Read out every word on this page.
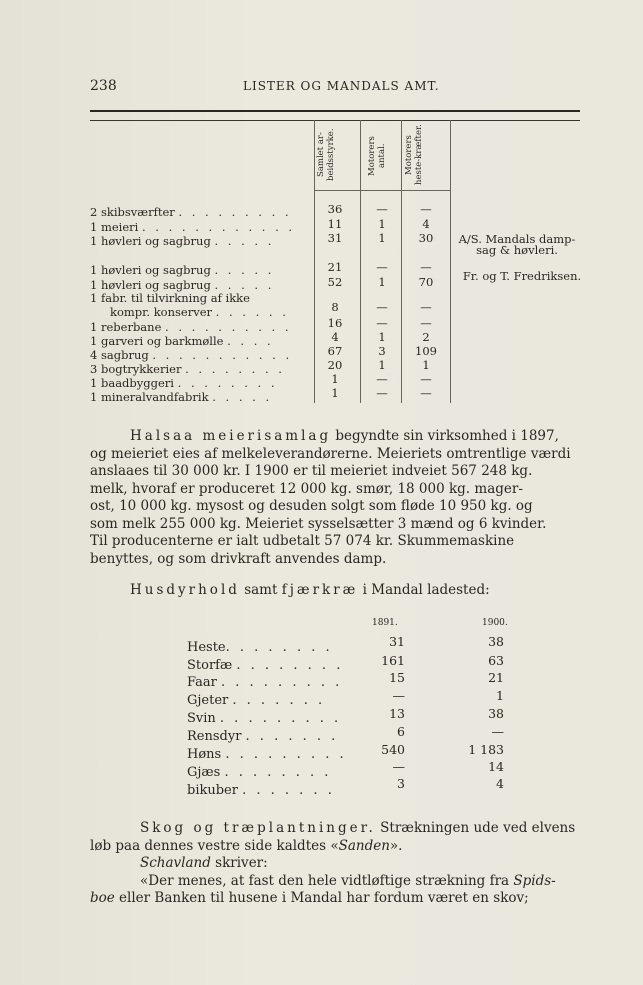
238	LISTER OG MANDALS AMT.
Samlet ar-beidsstyrke.	Motorers antal. Motorers heste-kræfter.
2 skibsværfter . . . . . . . . .	36	—	—
1 meieri . . . . . . . . . . . .	11	1	4
1 høvleri og sagbrug . . . . .	31	1	30	A/S. Mandals damp-
sag & høvleri.
1 høvleri og sagbrug . . . . .	21	—	—
1 høvleri og sagbrug . . . . .	52	1	70	Fr. og T. Fredriksen.
1 fabr. til tilvirkning af ikke
kompr. konserver . . . . . .	8	—	—
1 reberbane . . . . . . . . . .	16	—	—
1 garveri og barkmølle . . . .	4	1	2
4 sagbrug . . . . . . . . . . .	67	3	109
3 bogtrykkerier . . . . . . . .	20	1	1
1 baadbyggeri . . . . . . . .	1	—	—
1 mineralvandfabrik . . . . .	1	—	—
Halsaa meierisamlag begyndte sin virksomhed i 1897,
og meieriet eies af melkeleverandørerne. Meieriets omtrentlige værdi
anslaaes til 30 000 kr. I 1900 er til meieriet indveiet 567 248 kg.
melk, hvoraf er produceret 12 000 kg. smør, 18 000 kg. mager-
ost, 10 000 kg. mysost og desuden solgt som fløde 10 950 kg. og
som melk 255 000 kg. Meieriet sysselsætter 3 mænd og 6 kvinder.
Til producenterne er ialt udbetalt 57 074 kr. Skummemaskine
benyttes, og som drivkraft anvendes damp.
Husdyrhold samt fjærkræ i Mandal ladested:
1891.	1900.
Heste. . . . . . . .	31	38
Storfæ . . . . . . . .	161	63
Faar . . . . . . . . .	15	21
Gjeter . . . . . . .	—	1
Svin . . . . . . . . .	13	38
Rensdyr . . . . . . .	6	—
Høns . . . . . . . . .	540	1 183
Gjæs . . . . . . . .	—	14
bikuber . . . . . . .	3	4
Skog og træplantninger. Strækningen ude ved elvens
løb paa dennes vestre side kaldtes «Sanden».
Schavland skriver:
«Der menes, at fast den hele vidtløftige strækning fra Spids-
boe eller Banken til husene i Mandal har fordum været en skov;
